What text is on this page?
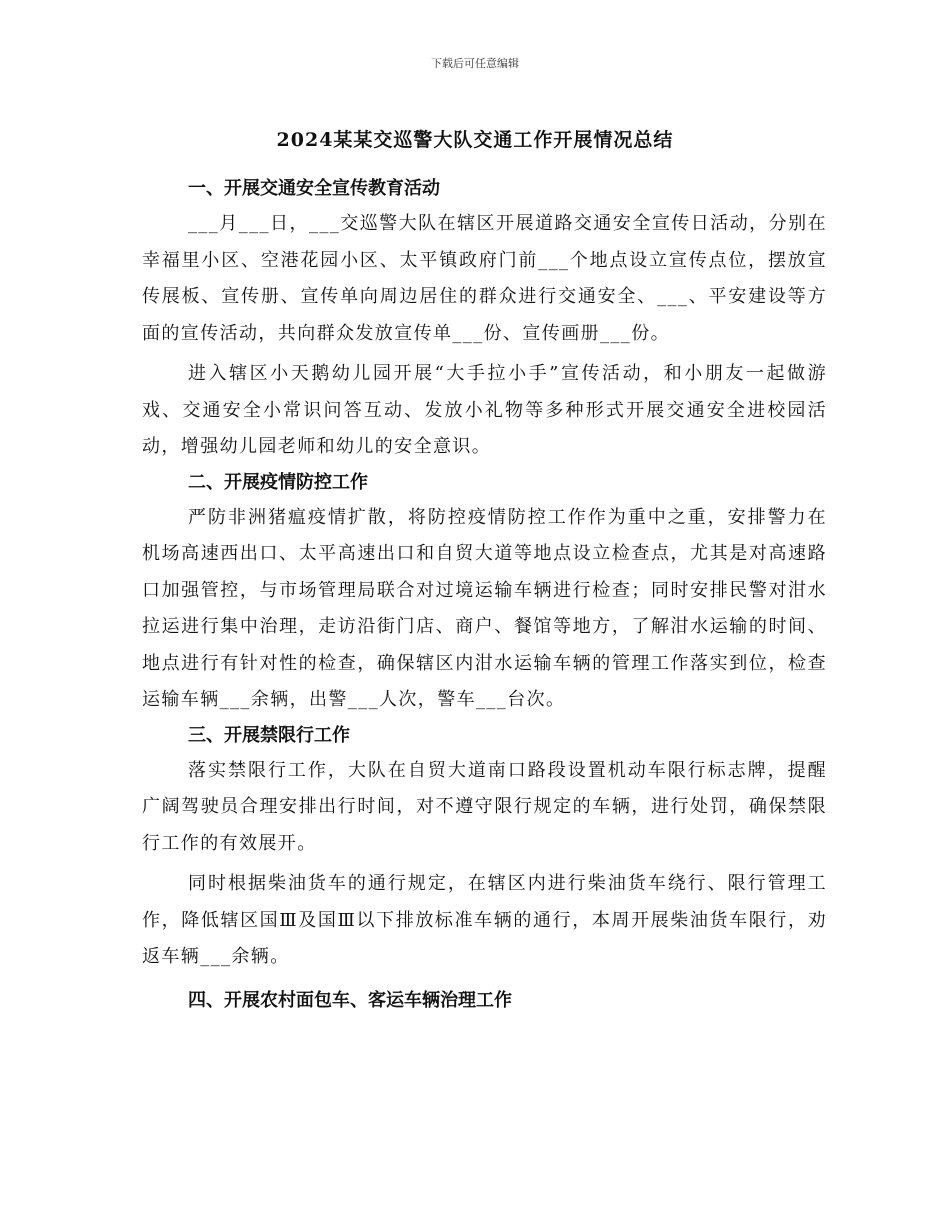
下载后可任意编辑
2024某某交巡警大队交通工作开展情况总结

一、开展交通安全宣传教育活动

___月___日，___交巡警大队在辖区开展道路交通安全宣传日活动，分别在幸福里小区、空港花园小区、太平镇政府门前___个地点设立宣传点位，摆放宣传展板、宣传册、宣传单向周边居住的群众进行交通安全、___、平安建设等方面的宣传活动，共向群众发放宣传单___份、宣传画册___份。

进入辖区小天鹅幼儿园开展“大手拉小手”宣传活动，和小朋友一起做游戏、交通安全小常识问答互动、发放小礼物等多种形式开展交通安全进校园活动，增强幼儿园老师和幼儿的安全意识。

二、开展疫情防控工作

严防非洲猪瘟疫情扩散，将防控疫情防控工作作为重中之重，安排警力在机场高速西出口、太平高速出口和自贸大道等地点设立检查点，尤其是对高速路口加强管控，与市场管理局联合对过境运输车辆进行检查；同时安排民警对泔水拉运进行集中治理，走访沿街门店、商户、餐馆等地方，了解泔水运输的时间、地点进行有针对性的检查，确保辖区内泔水运输车辆的管理工作落实到位，检查运输车辆___余辆，出警___人次，警车___台次。

三、开展禁限行工作

落实禁限行工作，大队在自贸大道南口路段设置机动车限行标志牌，提醒广阔驾驶员合理安排出行时间，对不遵守限行规定的车辆，进行处罚，确保禁限行工作的有效展开。

同时根据柴油货车的通行规定，在辖区内进行柴油货车绕行、限行管理工作，降低辖区国Ⅲ及国Ⅲ以下排放标准车辆的通行，本周开展柴油货车限行，劝返车辆___余辆。

四、开展农村面包车、客运车辆治理工作
